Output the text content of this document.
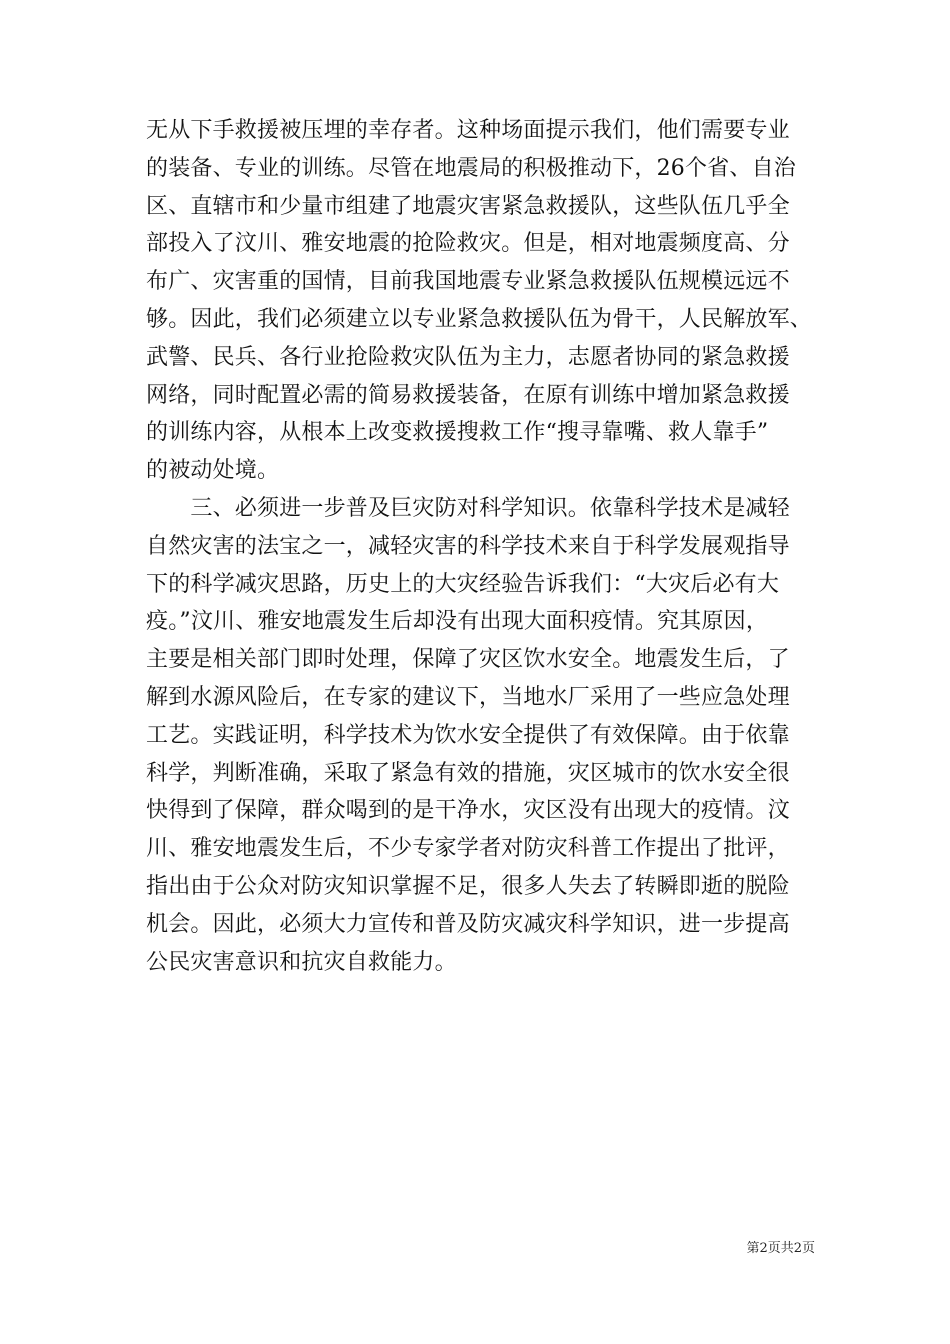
无从下手救援被压埋的幸存者。这种场面提示我们，他们需要专业
的装备、专业的训练。尽管在地震局的积极推动下，26个省、自治
区、直辖市和少量市组建了地震灾害紧急救援队，这些队伍几乎全
部投入了汶川、雅安地震的抢险救灾。但是，相对地震频度高、分
布广、灾害重的国情，目前我国地震专业紧急救援队伍规模远远不
够。因此，我们必须建立以专业紧急救援队伍为骨干，人民解放军、
武警、民兵、各行业抢险救灾队伍为主力，志愿者协同的紧急救援
网络，同时配置必需的简易救援装备，在原有训练中增加紧急救援
的训练内容，从根本上改变救援搜救工作“搜寻靠嘴、救人靠手”
的被动处境。
　　三、必须进一步普及巨灾防对科学知识。依靠科学技术是减轻
自然灾害的法宝之一，减轻灾害的科学技术来自于科学发展观指导
下的科学减灾思路，历史上的大灾经验告诉我们：“大灾后必有大
疫。”汶川、雅安地震发生后却没有出现大面积疫情。究其原因，
主要是相关部门即时处理，保障了灾区饮水安全。地震发生后，了
解到水源风险后，在专家的建议下，当地水厂采用了一些应急处理
工艺。实践证明，科学技术为饮水安全提供了有效保障。由于依靠
科学，判断准确，采取了紧急有效的措施，灾区城市的饮水安全很
快得到了保障，群众喝到的是干净水，灾区没有出现大的疫情。汶
川、雅安地震发生后，不少专家学者对防灾科普工作提出了批评，
指出由于公众对防灾知识掌握不足，很多人失去了转瞬即逝的脱险
机会。因此，必须大力宣传和普及防灾减灾科学知识，进一步提高
公民灾害意识和抗灾自救能力。
第2页共2页
